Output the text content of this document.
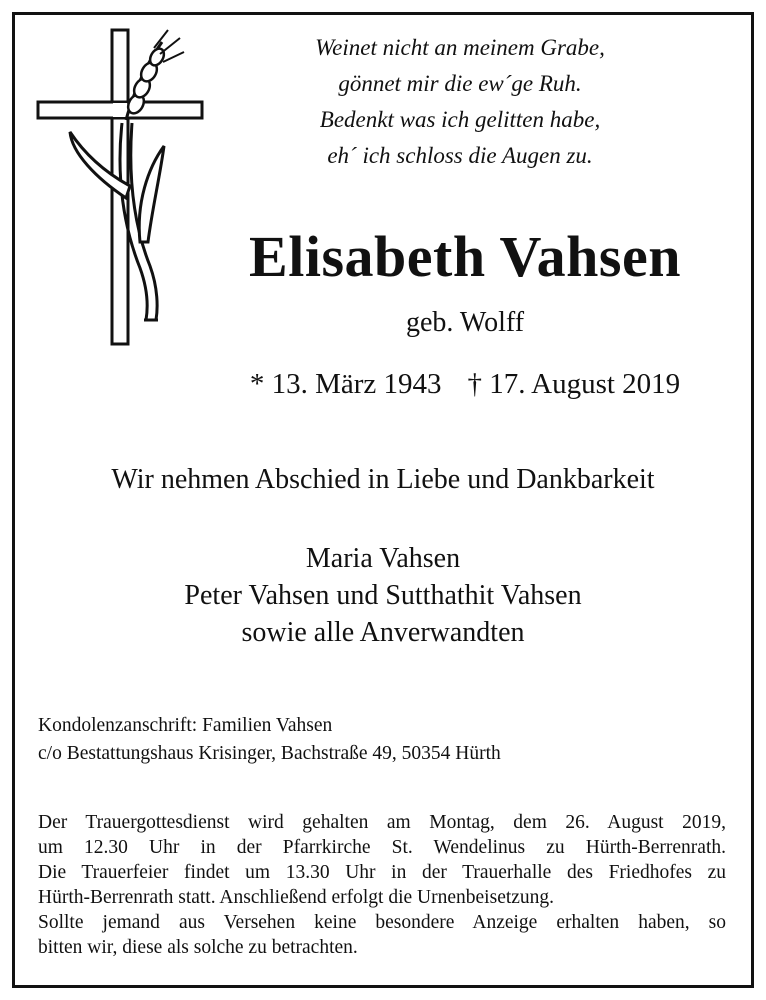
Weinet nicht an meinem Grabe,
gönnet mir die ew´ge Ruh.
Bedenkt was ich gelitten habe,
eh´ ich schloss die Augen zu.
Elisabeth Vahsen
geb. Wolff
* 13. März 1943 † 17. August 2019
Wir nehmen Abschied in Liebe und Dankbarkeit
Maria Vahsen
Peter Vahsen und Sutthathit Vahsen
sowie alle Anverwandten
Kondolenzanschrift: Familien Vahsen
c/o Bestattungshaus Krisinger, Bachstraße 49, 50354 Hürth
Der Trauergottesdienst wird gehalten am Montag, dem 26. August 2019,
um 12.30 Uhr in der Pfarrkirche St. Wendelinus zu Hürth-Berrenrath.
Die Trauerfeier findet um 13.30 Uhr in der Trauerhalle des Friedhofes zu
Hürth-Berrenrath statt. Anschließend erfolgt die Urnenbeisetzung.
Sollte jemand aus Versehen keine besondere Anzeige erhalten haben, so
bitten wir, diese als solche zu betrachten.
